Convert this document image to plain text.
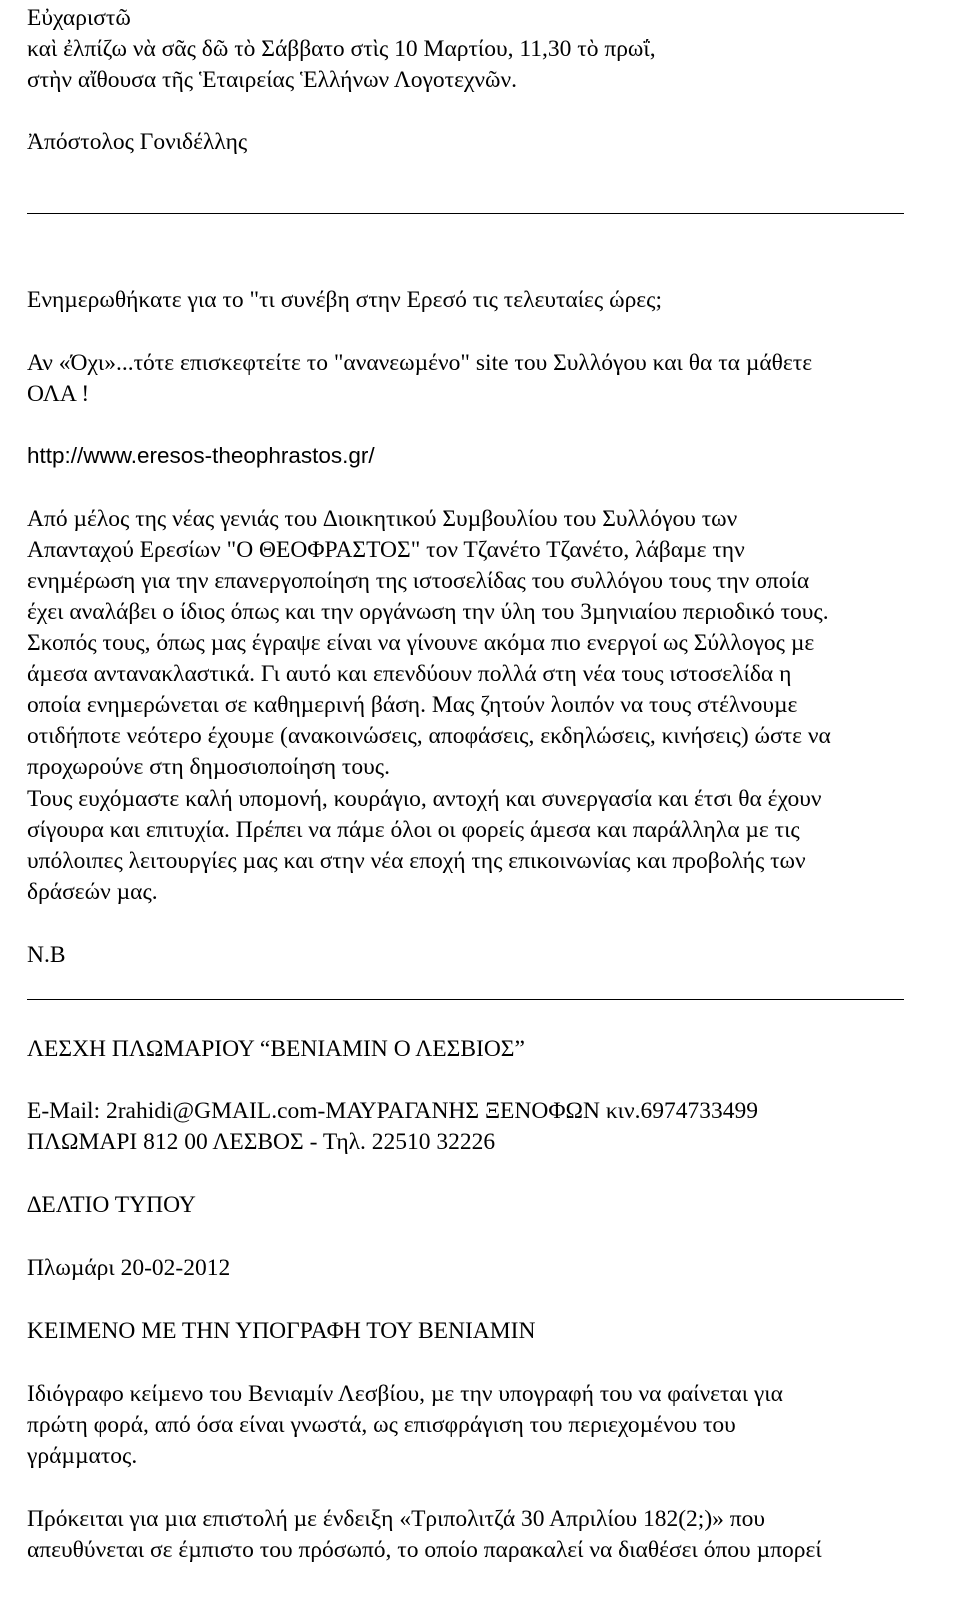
Εὐχαριστῶ
καὶ ἐλπίζω νὰ σᾶς δῶ τὸ Σάββατο στὶς 10 Μαρτίου, 11,30 τὸ πρωΐ,
στὴν αἴθουσα τῆς Ἑταιρείας Ἑλλήνων Λογοτεχνῶν.
Ἀπόστολος Γονιδέλλης
Ενηµερωθήκατε για το "τι συνέβη στην Ερεσό τις τελευταίες ώρες;
Αν «Όχι»...τότε επισκεφτείτε το "ανανεωµένο" site του Συλλόγου και θα τα µάθετε
ΟΛΑ !
http://www.eresos-theophrastos.gr/
Από µέλος της νέας γενιάς του ∆ιοικητικού Συµβουλίου του Συλλόγου των
Απανταχού Ερεσίων "Ο ΘΕΟΦΡΑΣΤΟΣ" τον Τζανέτο Τζανέτο, λάβαµε την
ενηµέρωση για την επανεργοποίηση της ιστοσελίδας του συλλόγου τους την οποία
έχει αναλάβει ο ίδιος όπως και την οργάνωση την ύλη του 3µηνιαίου περιοδικό τους.
Σκοπός τους, όπως µας έγραψε είναι να γίνουνε ακόµα πιο ενεργοί ως Σύλλογος µε
άµεσα αντανακλαστικά. Γι αυτό και επενδύουν πολλά στη νέα τους ιστοσελίδα η
οποία ενηµερώνεται σε καθηµερινή βάση. Μας ζητούν λοιπόν να τους στέλνουµε
οτιδήποτε νεότερο έχουµε (ανακοινώσεις, αποφάσεις, εκδηλώσεις, κινήσεις) ώστε να
προχωρούνε στη δηµοσιοποίηση τους.
Τους ευχόµαστε καλή υποµονή, κουράγιο, αντοχή και συνεργασία και έτσι θα έχουν
σίγουρα και επιτυχία. Πρέπει να πάµε όλοι οι φορείς άµεσα και παράλληλα µε τις
υπόλοιπες λειτουργίες µας και στην νέα εποχή της επικοινωνίας και προβολής των
δράσεών µας.
Ν.Β
ΛΕΣΧΗ ΠΛΩΜΑΡΙΟΥ “ΒΕΝΙΑΜΙΝ Ο ΛΕΣΒΙΟΣ”
E-Mail: 2rahidi@GMAIL.com-ΜΑΥΡΑΓΑΝΗΣ ΞΕΝΟΦΩΝ κιν.6974733499
ΠΛΩΜΑΡΙ 812 00 ΛΕΣΒΟΣ - Τηλ. 22510 32226
∆ΕΛΤΙΟ ΤΥΠΟΥ
Πλωµάρι 20-02-2012
ΚΕΙΜΕΝΟ ΜΕ ΤΗΝ ΥΠΟΓΡΑΦΗ ΤΟΥ ΒΕΝΙΑΜΙΝ
Ιδιόγραφο κείµενο του Βενιαµίν Λεσβίου, µε την υπογραφή του να φαίνεται για
πρώτη φορά, από όσα είναι γνωστά, ως επισφράγιση του περιεχοµένου του
γράµµατος.
Πρόκειται για µια επιστολή µε ένδειξη «Τριπολιτζά 30 Απριλίου 182(2;)» που
απευθύνεται σε έµπιστο του πρόσωπό, το οποίο παρακαλεί να διαθέσει όπου µπορεί
